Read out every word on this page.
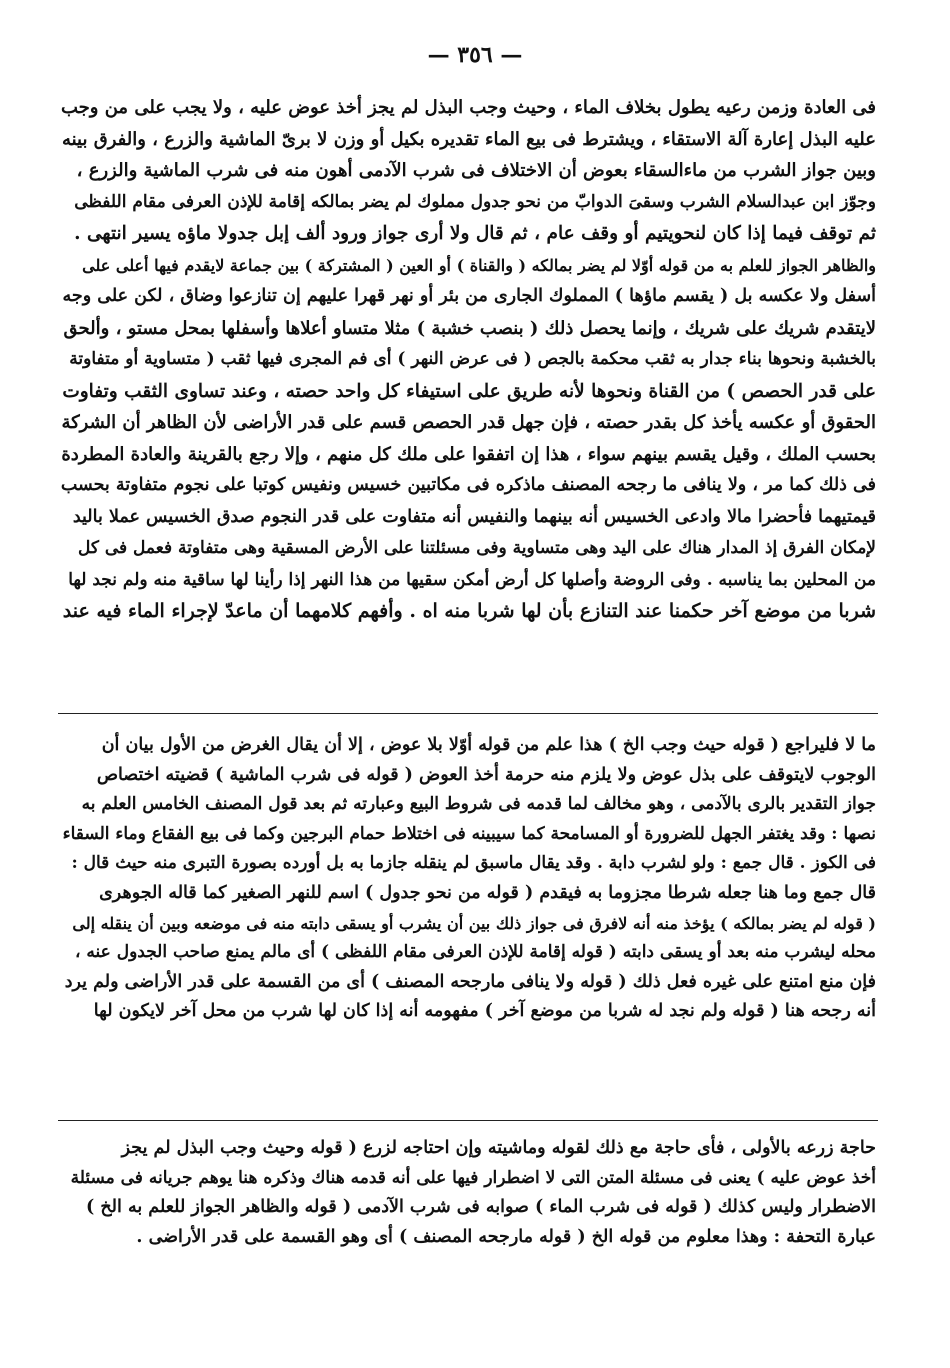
— ٣٥٦ —
فى العادة وزمن رعيه يطول بخلاف الماء ، وحيث وجب البذل لم يجز أخذ عوض عليه ، ولا يجب على من وجب
عليه البذل إعارة آلة الاستقاء ، ويشترط فى بيع الماء تقديره بكيل أو وزن لا برىّ الماشية والزرع ، والفرق بينه
وبين جواز الشرب من ماءالسقاء بعوض أن الاختلاف فى شرب الآدمى أهون منه فى شرب الماشية والزرع ،
وجوّز ابن عبدالسلام الشرب وسقىَ الدوابّ من نحو جدول مملوك لم يضر بمالكه إقامة للإذن العرفى مقام اللفظى
ثم توقف فيما إذا كان لنحويتيم أو وقف عام ، ثم قال ولا أرى جواز ورود ألف إبل جدولا ماؤه يسير انتهى .
والظاهر الجواز للعلم به من قوله أوّلا لم يضر بمالكه ( والقناة ) أو العين ( المشتركة ) بين جماعة لايقدم فيها أعلى على
أسفل ولا عكسه بل ( يقسم ماؤها ) المملوك الجارى من بئر أو نهر قهرا عليهم إن تنازعوا وضاق ، لكن على وجه
لايتقدم شريك على شريك ، وإنما يحصل ذلك ( بنصب خشبة ) مثلا متساو أعلاها وأسفلها بمحل مستو ، وألحق
بالخشبة ونحوها بناء جدار به ثقب محكمة بالجص ( فى عرض النهر ) أى فم المجرى فيها ثقب ( متساوية أو متفاوتة
على قدر الحصص ) من القناة ونحوها لأنه طريق على استيفاء كل واحد حصته ، وعند تساوى الثقب وتفاوت
الحقوق أو عكسه يأخذ كل بقدر حصته ، فإن جهل قدر الحصص قسم على قدر الأراضى لأن الظاهر أن الشركة
بحسب الملك ، وقيل يقسم بينهم سواء ، هذا إن اتفقوا على ملك كل منهم ، وإلا رجع بالقرينة والعادة المطردة
فى ذلك كما مر ، ولا ينافى ما رجحه المصنف ماذكره فى مكاتبين خسيس ونفيس كوتبا على نجوم متفاوتة بحسب
قيمتيهما فأحضرا مالا وادعى الخسيس أنه بينهما والنفيس أنه متفاوت على قدر النجوم صدق الخسيس عملا باليد
لإمكان الفرق إذ المدار هناك على اليد وهى متساوية وفى مسئلتنا على الأرض المسقية وهى متفاوتة فعمل فى كل
من المحلين بما يناسبه . وفى الروضة وأصلها كل أرض أمكن سقيها من هذا النهر إذا رأينا لها ساقية منه ولم نجد لها
شربا من موضع آخر حكمنا عند التنازع بأن لها شربا منه اه . وأفهم كلامهما أن ماعدّ لإجراء الماء فيه عند
ما لا فليراجع ( قوله حيث وجب الخ ) هذا علم من قوله أوّلا بلا عوض ، إلا أن يقال الغرض من الأول بيان أن
الوجوب لايتوقف على بذل عوض ولا يلزم منه حرمة أخذ العوض ( قوله فى شرب الماشية ) قضيته اختصاص
جواز التقدير بالرى بالآدمى ، وهو مخالف لما قدمه فى شروط البيع وعبارته ثم بعد قول المصنف الخامس العلم به
نصها : وقد يغتفر الجهل للضرورة أو المسامحة كما سيبينه فى اختلاط حمام البرجين وكما فى بيع الفقاع وماء السقاء
فى الكوز . قال جمع : ولو لشرب دابة . وقد يقال ماسبق لم ينقله جازما به بل أورده بصورة التبرى منه حيث قال :
قال جمع وما هنا جعله شرطا مجزوما به فيقدم ( قوله من نحو جدول ) اسم للنهر الصغير كما قاله الجوهرى
( قوله لم يضر بمالكه ) يؤخذ منه أنه لافرق فى جواز ذلك بين أن يشرب أو يسقى دابته منه فى موضعه وبين أن ينقله إلى
محله ليشرب منه بعد أو يسقى دابته ( قوله إقامة للإذن العرفى مقام اللفظى ) أى مالم يمنع صاحب الجدول عنه ،
فإن منع امتنع على غيره فعل ذلك ( قوله ولا ينافى مارجحه المصنف ) أى من القسمة على قدر الأراضى ولم يرد
أنه رجحه هنا ( قوله ولم نجد له شربا من موضع آخر ) مفهومه أنه إذا كان لها شرب من محل آخر لايكون لها
حاجة زرعه بالأولى ، فأى حاجة مع ذلك لقوله وماشيته وإن احتاجه لزرع ( قوله وحيث وجب البذل لم يجز
أخذ عوض عليه ) يعنى فى مسئلة المتن التى لا اضطرار فيها على أنه قدمه هناك وذكره هنا يوهم جريانه فى مسئلة
الاضطرار وليس كذلك ( قوله فى شرب الماء ) صوابه فى شرب الآدمى ( قوله والظاهر الجواز للعلم به الخ )
عبارة التحفة : وهذا معلوم من قوله الخ ( قوله مارجحه المصنف ) أى وهو القسمة على قدر الأراضى .
